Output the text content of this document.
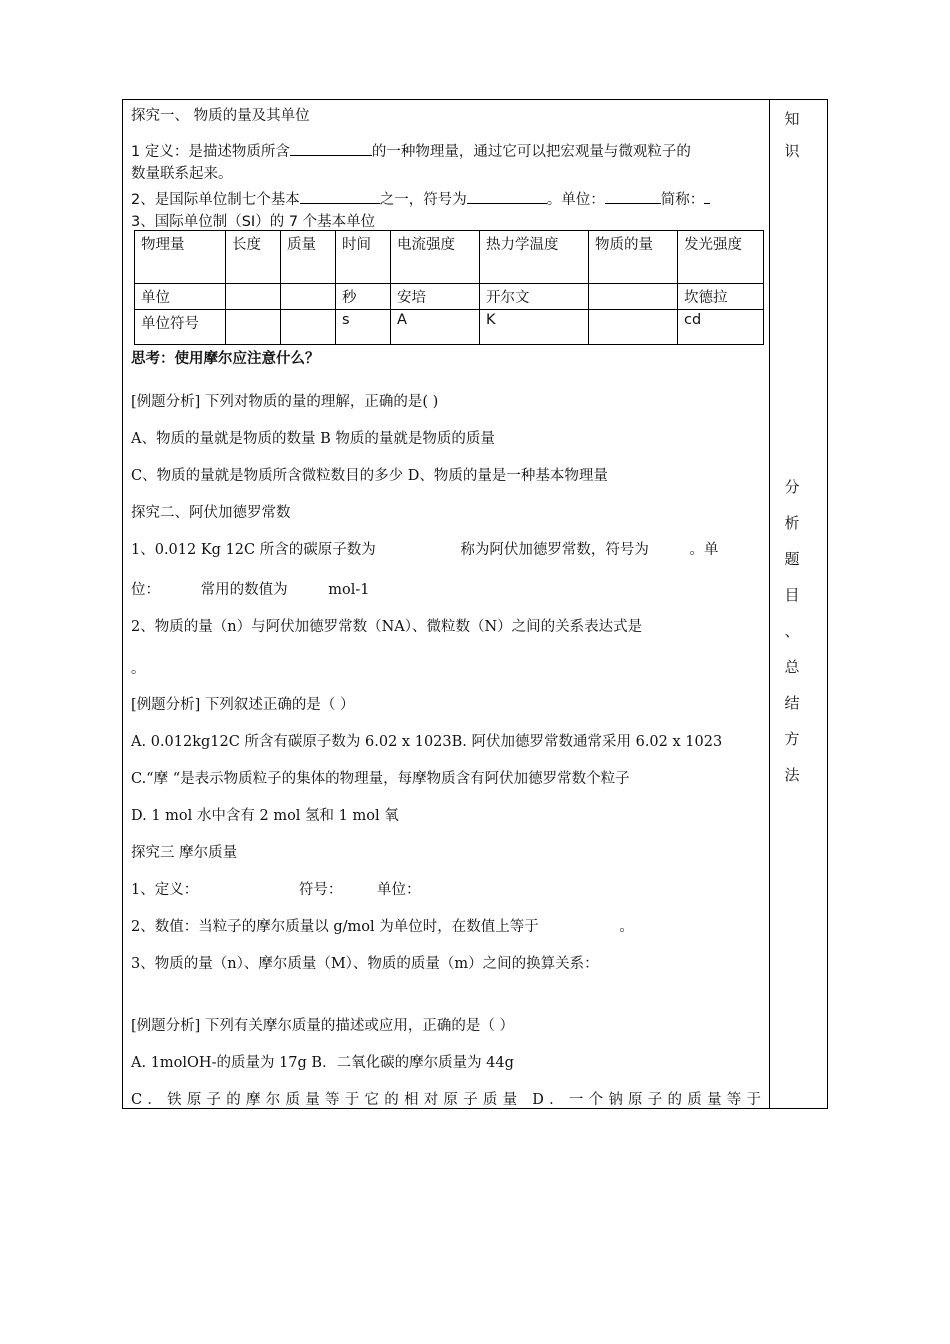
知
识
分
析
题
目
、
总
结
方
法
探究一、 物质的量及其单位
1 定义：是描述物质所含	的一种物理量，通过它可以把宏观量与微观粒子的
数量联系起来。
2、是国际单位制七个基本	之一，符号为	。单位：	简称：
3、国际单位制（SI）的 7 个基本单位
物理量	长度	质量	时间	电流强度	热力学温度	物质的量	发光强度
单位			秒	安培	开尔文		坎德拉
单位符号			s	A	K		cd
思考：使用摩尔应注意什么？
[例题分析] 下列对物质的量的理解，正确的是( )
A、物质的量就是物质的数量 B 物质的量就是物质的质量
C、物质的量就是物质所含微粒数目的多少 D、物质的量是一种基本物理量
探究二、阿伏加德罗常数
1、0.012 Kg 12C 所含的碳原子数为	称为阿伏加德罗常数，符号为	。单
位：	常用的数值为	mol-1
2、物质的量（n）与阿伏加德罗常数（NA）、微粒数（N）之间的关系表达式是
。
[例题分析] 下列叙述正确的是（ ）
A. 0.012kg12C 所含有碳原子数为 6.02 x 1023B. 阿伏加德罗常数通常采用 6.02 x 1023
C.“摩 “是表示物质粒子的集体的物理量，每摩物质含有阿伏加德罗常数个粒子
D. 1 mol 水中含有 2 mol 氢和 1 mol 氧
探究三 摩尔质量
1、定义：	符号： 单位：
2、数值：当粒子的摩尔质量以 g/mol 为单位时，在数值上等于	。
3、物质的量（n）、摩尔质量（M）、物质的质量（m）之间的换算关系：
[例题分析] 下列有关摩尔质量的描述或应用，正确的是（ ）
A. 1molOH-的质量为 17g B．二氧化碳的摩尔质量为 44g
C．铁原子的摩尔质量等于它的相对原子质量 D．一个钠原子的质量等于
